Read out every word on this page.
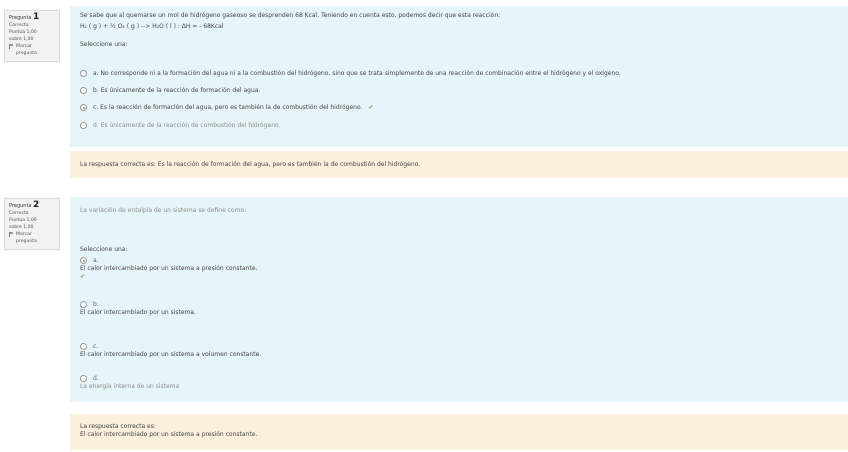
Pregunta 1
Correcta
Puntúa 1,00
sobre 1,00
Marcar
pregunta
Se sabe que al quemarse un mol de hidrógeno gaseoso se desprenden 68 Kcal. Teniendo en cuenta esto, podemos decir que esta reacción:
H₂ ( g ) + ½ O₂ ( g ) --> H₂O ( l ) : ΔH = - 68Kcal
Seleccione una:
a. No corresponde ni a la formación del agua ni a la combustión del hidrógeno, sino que se trata simplemente de una reacción de combinación entre el hidrógeno y el oxígeno.
b. Es únicamente de la reacción de formación del agua.
c. Es la reacción de formación del agua, pero es también la de combustión del hidrógeno. ✔
d. Es únicamente de la reacción de combustión del hidrógeno
La respuesta correcta es: Es la reacción de formación del agua, pero es también la de combustión del hidrógeno.
Pregunta 2
Correcta
Puntúa 1,00
sobre 1,00
Marcar
pregunta
La variación de entalpía de un sistema se define como:
Seleccione una:
a.
El calor intercambiado por un sistema a presión constante.
✔
b.
El calor intercambiado por un sistema.
c.
El calor intercambiado por un sistema a volumen constante.
d.
La energía interna de un sistema
La respuesta correcta es:
El calor intercambiado por un sistema a presión constante.
